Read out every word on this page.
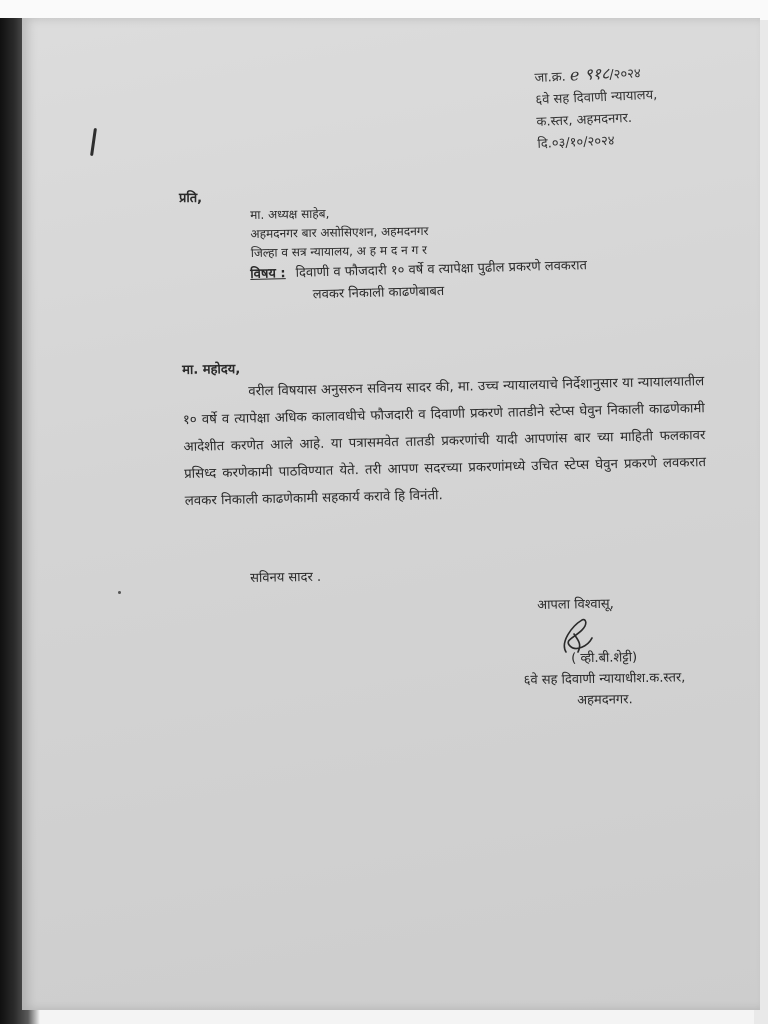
जा.क्र. e ९१८/२०२४
६वे सह दिवाणी न्यायालय,
क.स्तर, अहमदनगर.
दि.०३/१०/२०२४
प्रति,
मा. अध्यक्ष साहेब,
अहमदनगर बार असोसिएशन, अहमदनगर
जिल्हा व सत्र न्यायालय, अ ह म द न ग र
विषय : दिवाणी व फौजदारी १० वर्षे व त्यापेक्षा पुढील प्रकरणे लवकरात
लवकर निकाली काढणेबाबत
मा. महोदय,
वरील विषयास अनुसरुन सविनय सादर की, मा. उच्च न्यायालयाचे निर्देशानुसार या न्यायालयातील १० वर्षे व त्यापेक्षा अधिक कालावधीचे फौजदारी व दिवाणी प्रकरणे तातडीने स्टेप्स घेवुन निकाली काढणेकामी आदेशीत करणेत आले आहे. या पत्रासमवेत तातडी प्रकरणांची यादी आपणांस बार च्या माहिती फलकावर प्रसिध्द करणेकामी पाठविण्यात येते. तरी आपण सदरच्या प्रकरणांमध्ये उचित स्टेप्स घेवुन प्रकरणे लवकरात लवकर निकाली काढणेकामी सहकार्य करावे हि विनंती.
सविनय सादर .
आपला विश्वासू,
( व्ही.बी.शेट्टी)
६वे सह दिवाणी न्यायाधीश.क.स्तर,
अहमदनगर.
